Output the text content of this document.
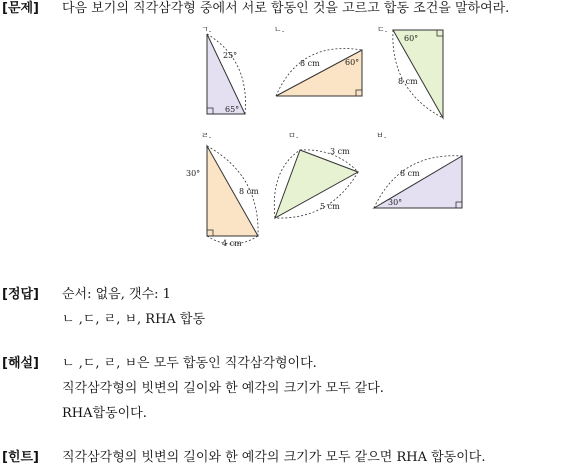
[문제] 다음 보기의 직각삼각형 중에서 서로 합동인 것을 고르고 합동 조건을 말하여라.
ㄱ.
25°
65°
ㄴ.
8 cm	60°
ㄷ.
60°
8 cm
ㄹ.
30°
8 cm
4 cm
ㅁ.
3 cm
5 cm
ㅂ.
8 cm
30°
[정답] 순서: 없음, 갯수: 1
ㄴ ,ㄷ, ㄹ, ㅂ, RHA 합동
[해설] ㄴ ,ㄷ, ㄹ, ㅂ은 모두 합동인 직각삼각형이다.
직각삼각형의 빗변의 길이와 한 예각의 크기가 모두 같다.
RHA합동이다.
[힌트] 직각삼각형의 빗변의 길이와 한 예각의 크기가 모두 같으면 RHA 합동이다.
